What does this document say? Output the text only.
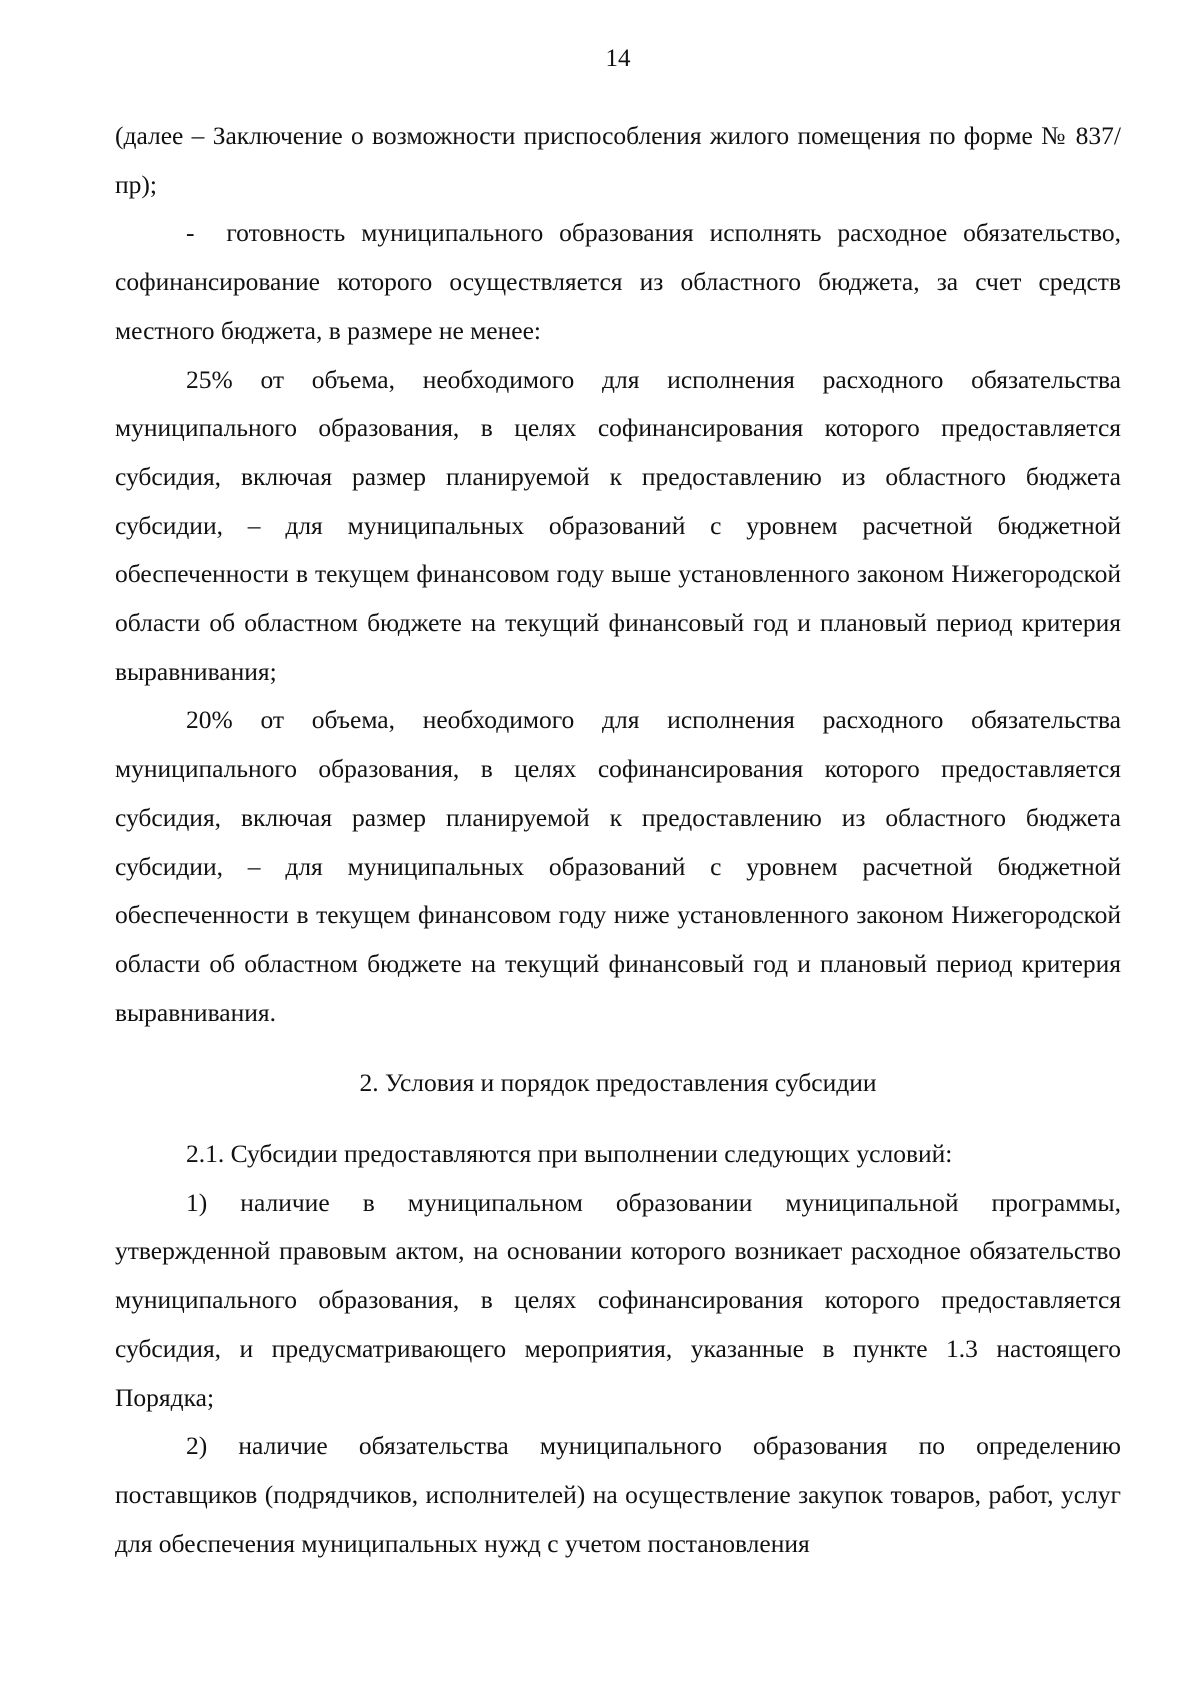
14

(далее – Заключение о возможности приспособления жилого помещения по форме № 837/пр);

-  готовность муниципального образования исполнять расходное обязательство, софинансирование которого осуществляется из областного бюджета, за счет средств местного бюджета, в размере не менее:

25% от объема, необходимого для исполнения расходного обязательства муниципального образования, в целях софинансирования которого предоставляется субсидия, включая размер планируемой к предоставлению из областного бюджета субсидии, – для муниципальных образований с уровнем расчетной бюджетной обеспеченности в текущем финансовом году выше установленного законом Нижегородской области об областном бюджете на текущий финансовый год и плановый период критерия выравнивания;

20% от объема, необходимого для исполнения расходного обязательства муниципального образования, в целях софинансирования которого предоставляется субсидия, включая размер планируемой к предоставлению из областного бюджета субсидии, – для муниципальных образований с уровнем расчетной бюджетной обеспеченности в текущем финансовом году ниже установленного законом Нижегородской области об областном бюджете на текущий финансовый год и плановый период критерия выравнивания.

2. Условия и порядок предоставления субсидии

2.1. Субсидии предоставляются при выполнении следующих условий:

1) наличие в муниципальном образовании муниципальной программы, утвержденной правовым актом, на основании которого возникает расходное обязательство муниципального образования, в целях софинансирования которого предоставляется субсидия, и предусматривающего мероприятия, указанные в пункте 1.3 настоящего Порядка;

2) наличие обязательства муниципального образования по определению поставщиков (подрядчиков, исполнителей) на осуществление закупок товаров, работ, услуг для обеспечения муниципальных нужд с учетом постановления
